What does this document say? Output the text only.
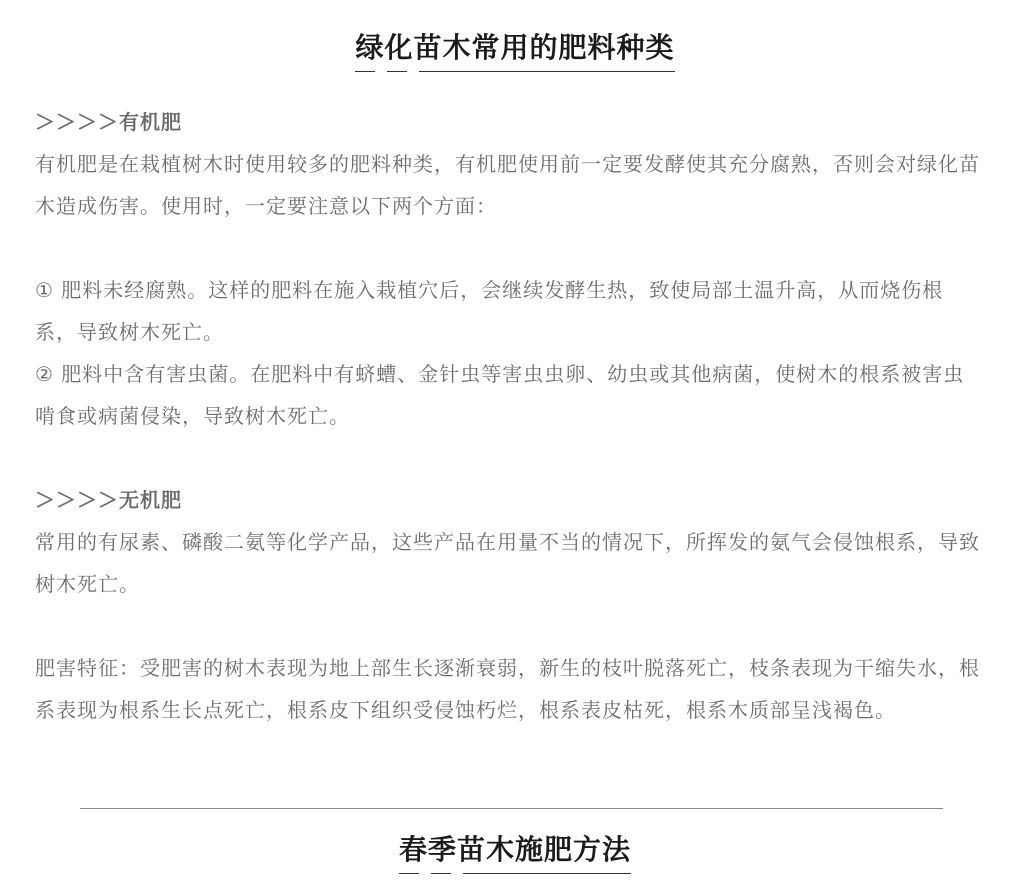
绿化苗木常用的肥料种类
＞＞＞＞有机肥

有机肥是在栽植树木时使用较多的肥料种类，有机肥使用前一定要发酵使其充分腐熟，否则会对绿化苗木造成伤害。使用时，一定要注意以下两个方面：

① 肥料未经腐熟。这样的肥料在施入栽植穴后，会继续发酵生热，致使局部土温升高，从而烧伤根系，导致树木死亡。

② 肥料中含有害虫菌。在肥料中有蛴螬、金针虫等害虫虫卵、幼虫或其他病菌，使树木的根系被害虫啃食或病菌侵染，导致树木死亡。

＞＞＞＞无机肥

常用的有尿素、磷酸二氨等化学产品，这些产品在用量不当的情况下，所挥发的氨气会侵蚀根系，导致树木死亡。

肥害特征：受肥害的树木表现为地上部生长逐渐衰弱，新生的枝叶脱落死亡，枝条表现为干缩失水，根系表现为根系生长点死亡，根系皮下组织受侵蚀朽烂，根系表皮枯死，根系木质部呈浅褐色。

春季苗木施肥方法
